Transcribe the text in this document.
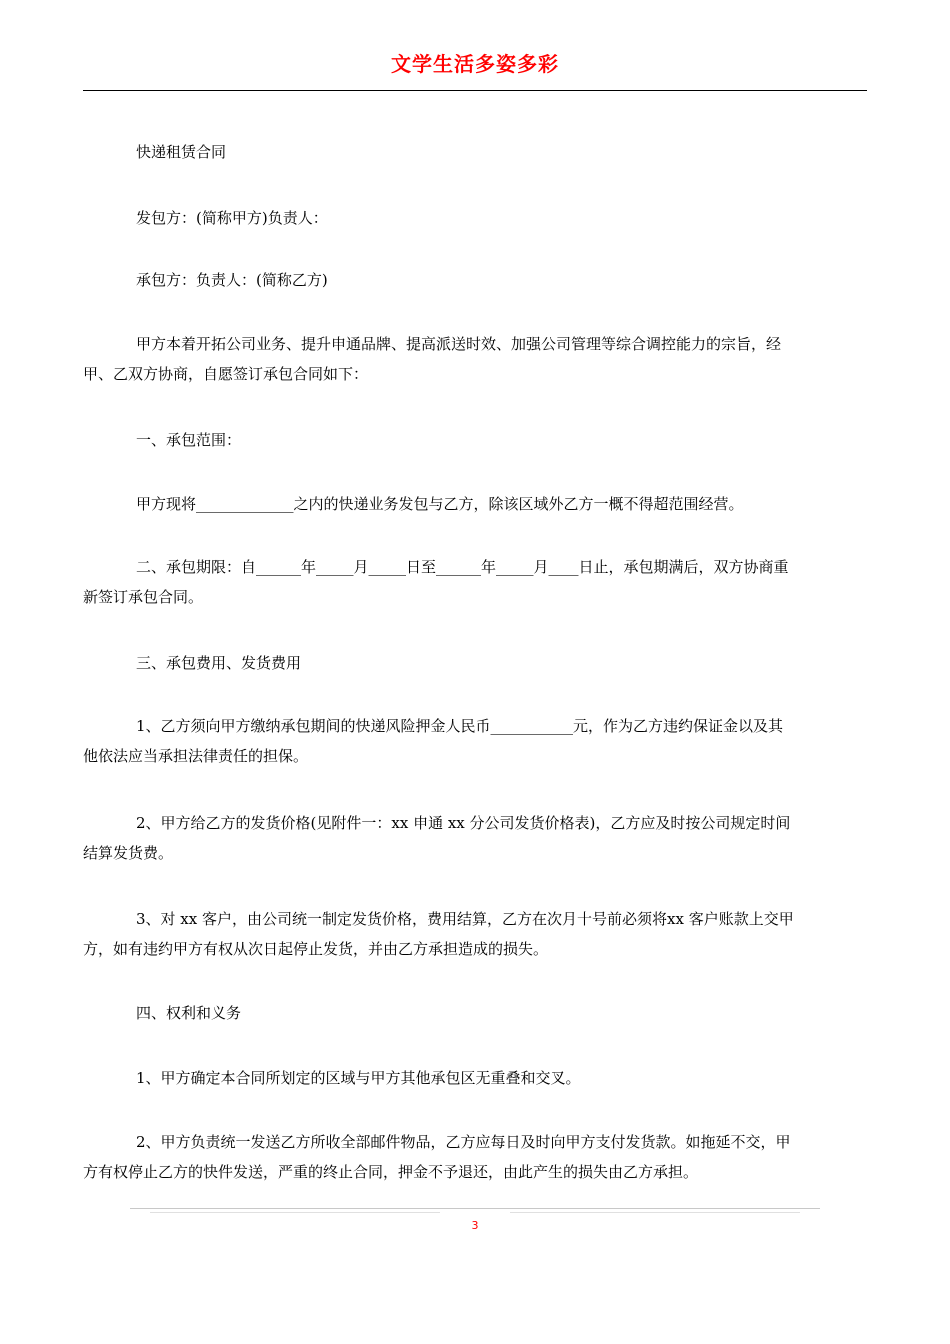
文学生活多姿多彩
快递租赁合同
发包方：(简称甲方)负责人：
承包方：负责人：(简称乙方)
甲方本着开拓公司业务、提升申通品牌、提高派送时效、加强公司管理等综合调控能力的宗旨，经
甲、乙双方协商，自愿签订承包合同如下：
一、承包范围：
甲方现将_____________之内的快递业务发包与乙方，除该区域外乙方一概不得超范围经营。
二、承包期限：自______年_____月_____日至______年_____月____日止，承包期满后，双方协商重
新签订承包合同。
三、承包费用、发货费用
1、乙方须向甲方缴纳承包期间的快递风险押金人民币___________元，作为乙方违约保证金以及其
他依法应当承担法律责任的担保。
2、甲方给乙方的发货价格(见附件一：xx 申通 xx 分公司发货价格表)，乙方应及时按公司规定时间
结算发货费。
3、对 xx 客户，由公司统一制定发货价格，费用结算，乙方在次月十号前必须将xx 客户账款上交甲
方，如有违约甲方有权从次日起停止发货，并由乙方承担造成的损失。
四、权利和义务
1、甲方确定本合同所划定的区域与甲方其他承包区无重叠和交叉。
2、甲方负责统一发送乙方所收全部邮件物品，乙方应每日及时向甲方支付发货款。如拖延不交，甲
方有权停止乙方的快件发送，严重的终止合同，押金不予退还，由此产生的损失由乙方承担。
3
